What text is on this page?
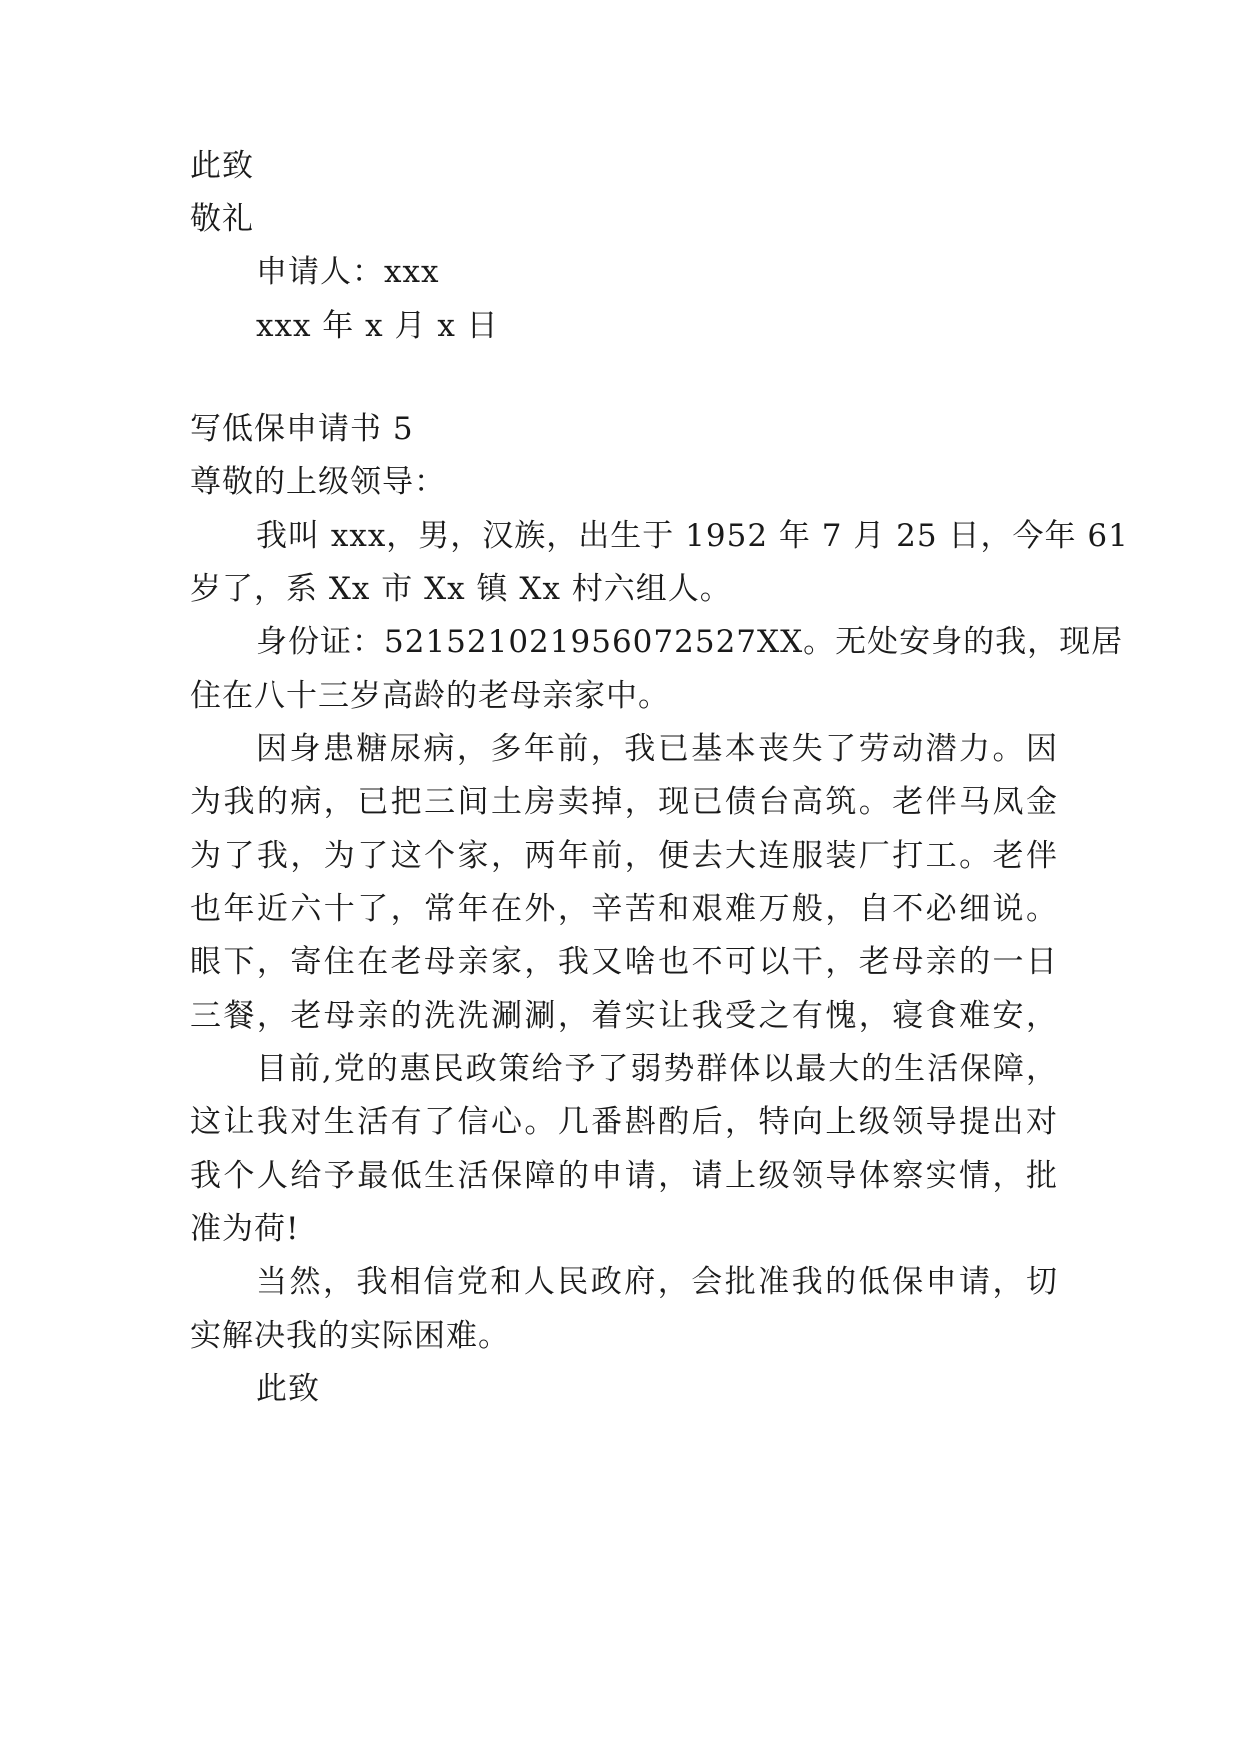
此致
敬礼
申请人：xxx
xxx 年 x 月 x 日
写低保申请书 5
尊敬的上级领导：
我叫 xxx，男，汉族，出生于 1952 年 7 月 25 日，今年 61
岁了，系 Xx 市 Xx 镇 Xx 村六组人。
身份证：52152102195607252​7XX。无处安身的我，现居
住在八十三岁高龄的老母亲家中。
因身患糖尿病，多年前，我已基本丧失了劳动潜力。因
为我的病，已把三间土房卖掉，现已债台高筑。老伴马凤金
为了我，为了这个家，两年前，便去大连服装厂打工。老伴
也年近六十了，常年在外，辛苦和艰难万般，自不必细说。
眼下，寄住在老母亲家，我又啥也不可以干，老母亲的一日
三餐，老母亲的洗洗涮涮，着实让我受之有愧，寝食难安，
目前,党的惠民政策给予了弱势群体以最大的生活保障，
这让我对生活有了信心。几番斟酌后，特向上级领导提出对
我个人给予最低生活保障的申请，请上级领导体察实情，批
准为荷!
当然，我相信党和人民政府，会批准我的低保申请，切
实解决我的实际困难。
此致
